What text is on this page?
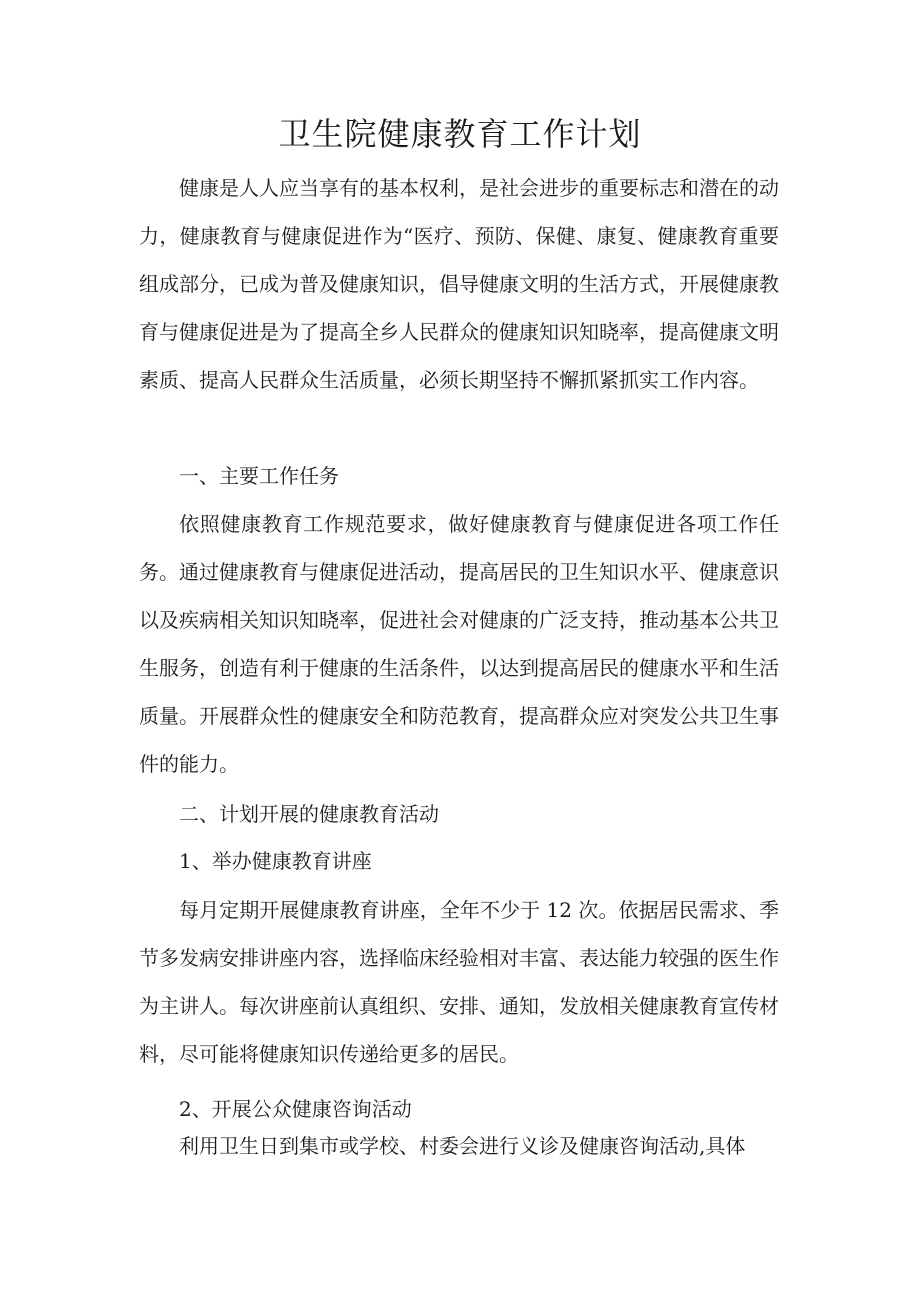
卫生院健康教育工作计划

健康是人人应当享有的基本权利，是社会进步的重要标志和潜在的动力，健康教育与健康促进作为“医疗、预防、保健、康复、健康教育重要组成部分，已成为普及健康知识，倡导健康文明的生活方式，开展健康教育与健康促进是为了提高全乡人民群众的健康知识知晓率，提高健康文明素质、提高人民群众生活质量，必须长期坚持不懈抓紧抓实工作内容。

一、主要工作任务

依照健康教育工作规范要求，做好健康教育与健康促进各项工作任务。通过健康教育与健康促进活动，提高居民的卫生知识水平、健康意识以及疾病相关知识知晓率，促进社会对健康的广泛支持，推动基本公共卫生服务，创造有利于健康的生活条件，以达到提高居民的健康水平和生活质量。开展群众性的健康安全和防范教育，提高群众应对突发公共卫生事件的能力。

二、计划开展的健康教育活动

1、举办健康教育讲座

每月定期开展健康教育讲座，全年不少于 12 次。依据居民需求、季节多发病安排讲座内容，选择临床经验相对丰富、表达能力较强的医生作为主讲人。每次讲座前认真组织、安排、通知，发放相关健康教育宣传材料，尽可能将健康知识传递给更多的居民。

2、开展公众健康咨询活动

利用卫生日到集市或学校、村委会进行义诊及健康咨询活动,具体
